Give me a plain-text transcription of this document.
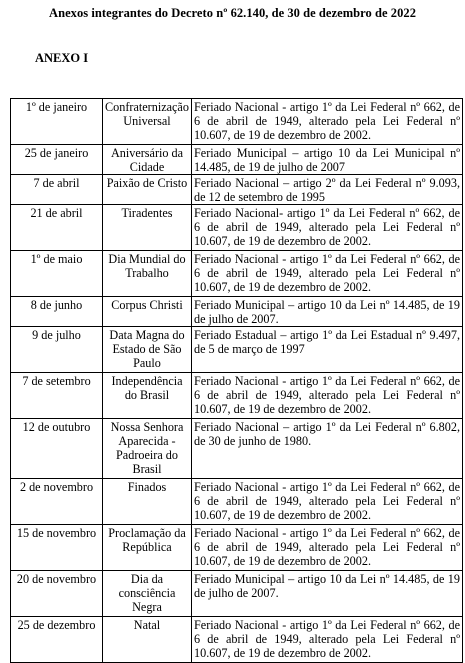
Anexos integrantes do Decreto nº 62.140, de 30 de dezembro de 2022
ANEXO I
1º de janeiro	Confraternização Universal	Feriado Nacional - artigo 1º da Lei Federal nº 662, de 6 de abril de 1949, alterado pela Lei Federal nº 10.607, de 19 de dezembro de 2002.
25 de janeiro	Aniversário da Cidade	Feriado Municipal – artigo 10 da Lei Municipal nº 14.485, de 19 de julho de 2007
7 de abril	Paixão de Cristo	Feriado Nacional – artigo 2º da Lei Federal nº 9.093, de 12 de setembro de 1995
21 de abril	Tiradentes	Feriado Nacional- artigo 1º da Lei Federal nº 662, de 6 de abril de 1949, alterado pela Lei Federal nº 10.607, de 19 de dezembro de 2002.
1º de maio	Dia Mundial do Trabalho	Feriado Nacional - artigo 1º da Lei Federal nº 662, de 6 de abril de 1949, alterado pela Lei Federal nº 10.607, de 19 de dezembro de 2002.
8 de junho	Corpus Christi	Feriado Municipal – artigo 10 da Lei nº 14.485, de 19 de julho de 2007.
9 de julho	Data Magna do Estado de São Paulo	Feriado Estadual – artigo 1º da Lei Estadual nº 9.497, de 5 de março de 1997
7 de setembro	Independência do Brasil	Feriado Nacional - artigo 1º da Lei Federal nº 662, de 6 de abril de 1949, alterado pela Lei Federal nº 10.607, de 19 de dezembro de 2002.
12 de outubro	Nossa Senhora Aparecida - Padroeira do Brasil	Feriado Nacional – artigo 1º da Lei Federal nº 6.802, de 30 de junho de 1980.
2 de novembro	Finados	Feriado Nacional - artigo 1º da Lei Federal nº 662, de 6 de abril de 1949, alterado pela Lei Federal nº 10.607, de 19 de dezembro de 2002.
15 de novembro	Proclamação da República	Feriado Nacional - artigo 1º da Lei Federal nº 662, de 6 de abril de 1949, alterado pela Lei Federal nº 10.607, de 19 de dezembro de 2002.
20 de novembro	Dia da consciência Negra	Feriado Municipal – artigo 10 da Lei nº 14.485, de 19 de julho de 2007.
25 de dezembro	Natal	Feriado Nacional - artigo 1º da Lei Federal nº 662, de 6 de abril de 1949, alterado pela Lei Federal nº 10.607, de 19 de dezembro de 2002.
